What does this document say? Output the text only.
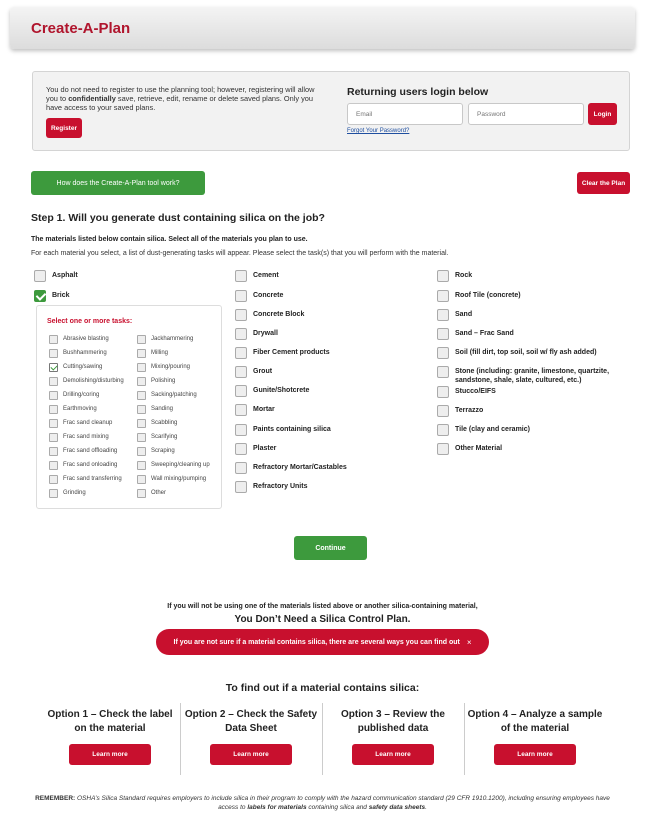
Create-A-Plan
You do not need to register to use the planning tool; however, registering will allow you to confidentially save, retrieve, edit, rename or delete saved plans. Only you have access to your saved plans.
Register
Returning users login below
Email
Login
Forgot Your Password?
How does the Create-A-Plan tool work?	Clear the Plan
Step 1. Will you generate dust containing silica on the job?
The materials listed below contain silica. Select all of the materials you plan to use.
For each material you select, a list of dust-generating tasks will appear. Please select the task(s) that you will perform with the material.
Asphalt
Brick
Cement
Concrete
Concrete Block
Drywall
Fiber Cement products
Grout
Gunite/Shotcrete
Mortar
Paints containing silica
Plaster
Refractory Mortar/Castables
Refractory Units
Rock
Roof Tile (concrete)
Sand
Sand – Frac Sand
Soil (fill dirt, top soil, soil w/ fly ash added)
Stone (including: granite, limestone, quartzite, sandstone, shale, slate, cultured, etc.)
Stucco/EIFS
Terrazzo
Tile (clay and ceramic)
Other Material
Select one or more tasks:
Abrasive blasting
Bushhammering
Cutting/sawing
Demolishing/disturbing
Drilling/coring
Earthmoving
Frac sand cleanup
Frac sand mixing
Frac sand offloading
Frac sand onloading
Frac sand transferring
Grinding
Jackhammering
Milling
Mixing/pouring
Polishing
Sacking/patching
Sanding
Scabbling
Scarifying
Scraping
Sweeping/cleaning up
Wall mixing/pumping
Other
Continue
If you will not be using one of the materials listed above or another silica-containing material,
You Don’t Need a Silica Control Plan.
If you are not sure if a material contains silica, there are several ways you can find out ×
To find out if a material contains silica:
Option 1 – Check the label on the material
Learn more
Option 2 – Check the Safety Data Sheet
Learn more
Option 3 – Review the published data
Learn more
Option 4 – Analyze a sample of the material
Learn more
REMEMBER: OSHA’s Silica Standard requires employers to include silica in their program to comply with the hazard communication standard (29 CFR 1910.1200), including ensuring employees have access to labels for materials containing silica and safety data sheets.
